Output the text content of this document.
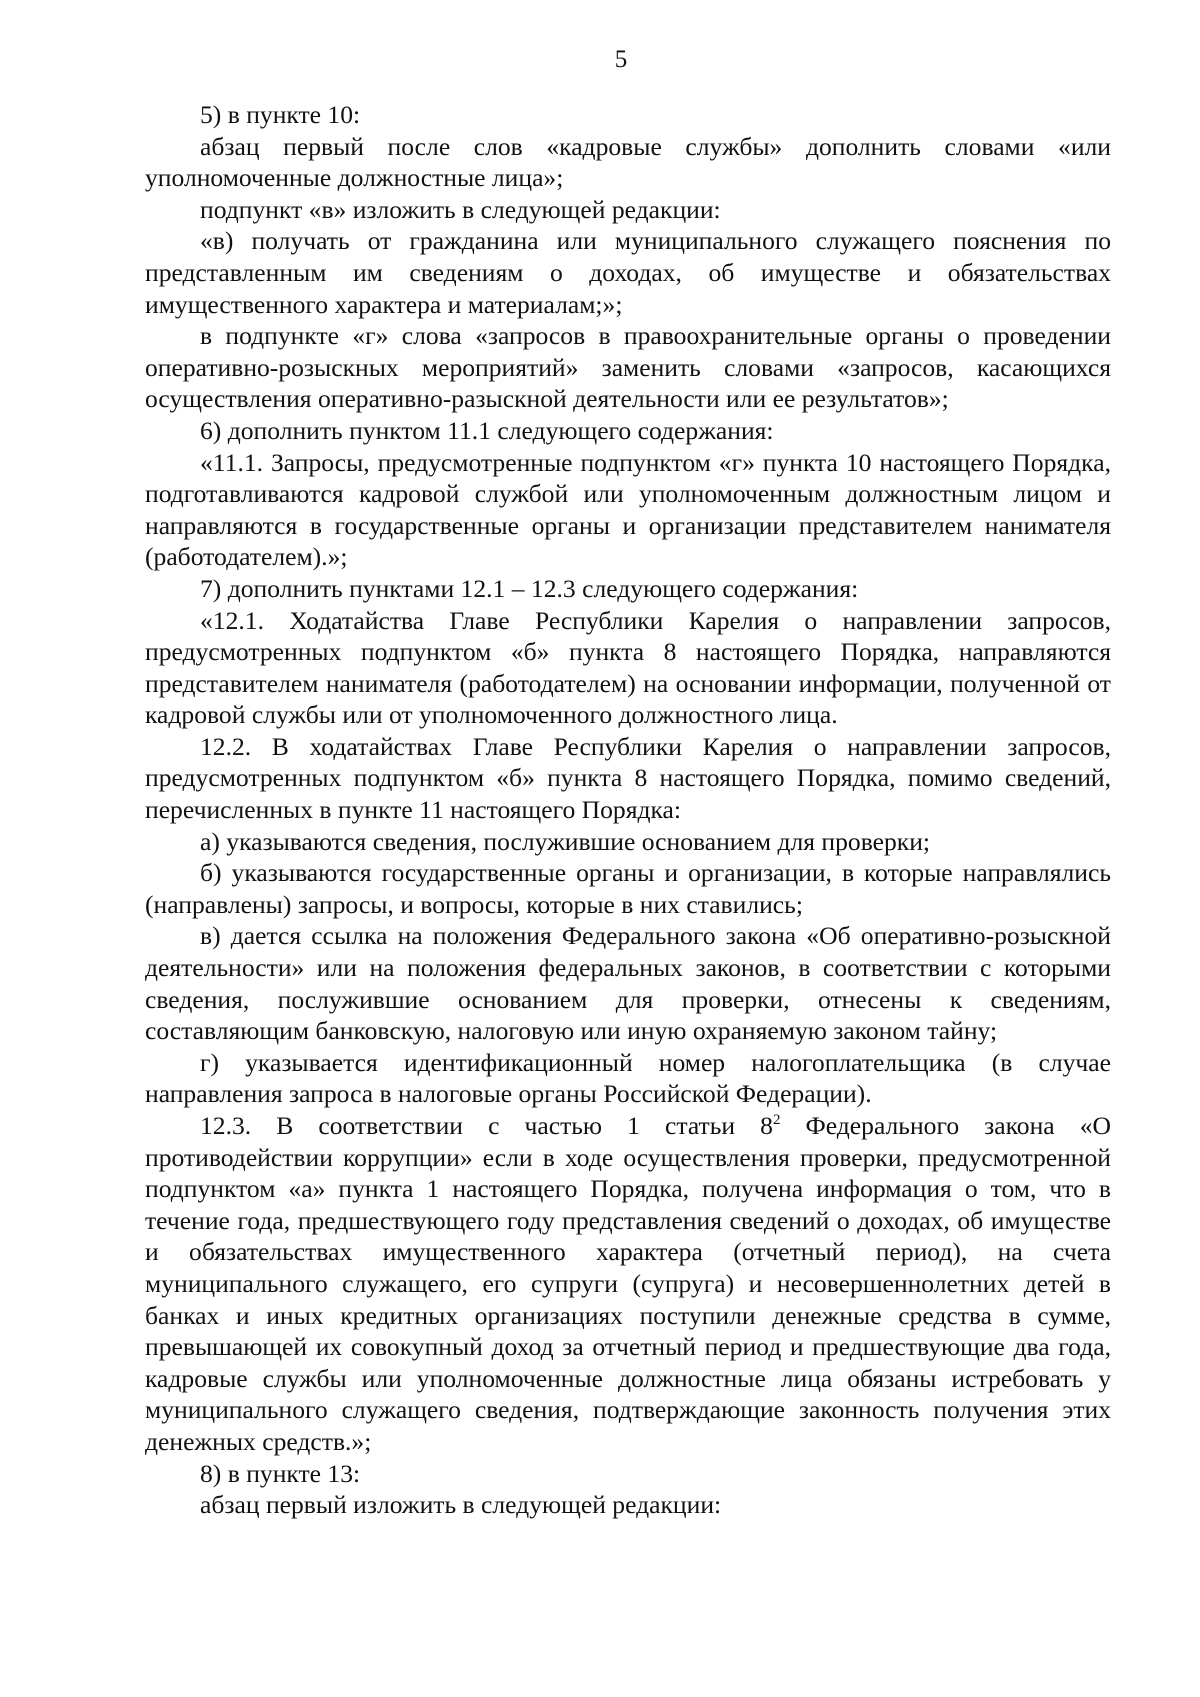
5

5) в пункте 10:

абзац первый после слов «кадровые службы» дополнить словами «или уполномоченные должностные лица»;

подпункт «в» изложить в следующей редакции:

«в) получать от гражданина или муниципального служащего пояснения по представленным им сведениям о доходах, об имуществе и обязательствах имущественного характера и материалам;»;

в подпункте «г» слова «запросов в правоохранительные органы о проведении оперативно-розыскных мероприятий» заменить словами «запросов, касающихся осуществления оперативно-разыскной деятельности или ее результатов»;

6) дополнить пунктом 11.1 следующего содержания:

«11.1. Запросы, предусмотренные подпунктом «г» пункта 10 настоящего Порядка, подготавливаются кадровой службой или уполномоченным должностным лицом и направляются в государственные органы и организации представителем нанимателя (работодателем).»;

7) дополнить пунктами 12.1 – 12.3 следующего содержания:

«12.1. Ходатайства Главе Республики Карелия о направлении запросов, предусмотренных подпунктом «б» пункта 8 настоящего Порядка, направляются представителем нанимателя (работодателем) на основании информации, полученной от кадровой службы или от уполномоченного должностного лица.

12.2. В ходатайствах Главе Республики Карелия о направлении запросов, предусмотренных подпунктом «б» пункта 8 настоящего Порядка, помимо сведений, перечисленных в пункте 11 настоящего Порядка:

а) указываются сведения, послужившие основанием для проверки;

б) указываются государственные органы и организации, в которые направлялись (направлены) запросы, и вопросы, которые в них ставились;

в) дается ссылка на положения Федерального закона «Об оперативно-розыскной деятельности» или на положения федеральных законов, в соответствии с которыми сведения, послужившие основанием для проверки, отнесены к сведениям, составляющим банковскую, налоговую или иную охраняемую законом тайну;

г) указывается идентификационный номер налогоплательщика (в случае направления запроса в налоговые органы Российской Федерации).

12.3. В соответствии с частью 1 статьи $8^2$ Федерального закона «О противодействии коррупции» если в ходе осуществления проверки, предусмотренной подпунктом «а» пункта 1 настоящего Порядка, получена информация о том, что в течение года, предшествующего году представления сведений о доходах, об имуществе и обязательствах имущественного характера (отчетный период), на счета муниципального служащего, его супруги (супруга) и несовершеннолетних детей в банках и иных кредитных организациях поступили денежные средства в сумме, превышающей их совокупный доход за отчетный период и предшествующие два года, кадровые службы или уполномоченные должностные лица обязаны истребовать у муниципального служащего сведения, подтверждающие законность получения этих денежных средств.»;

8) в пункте 13:

абзац первый изложить в следующей редакции:
